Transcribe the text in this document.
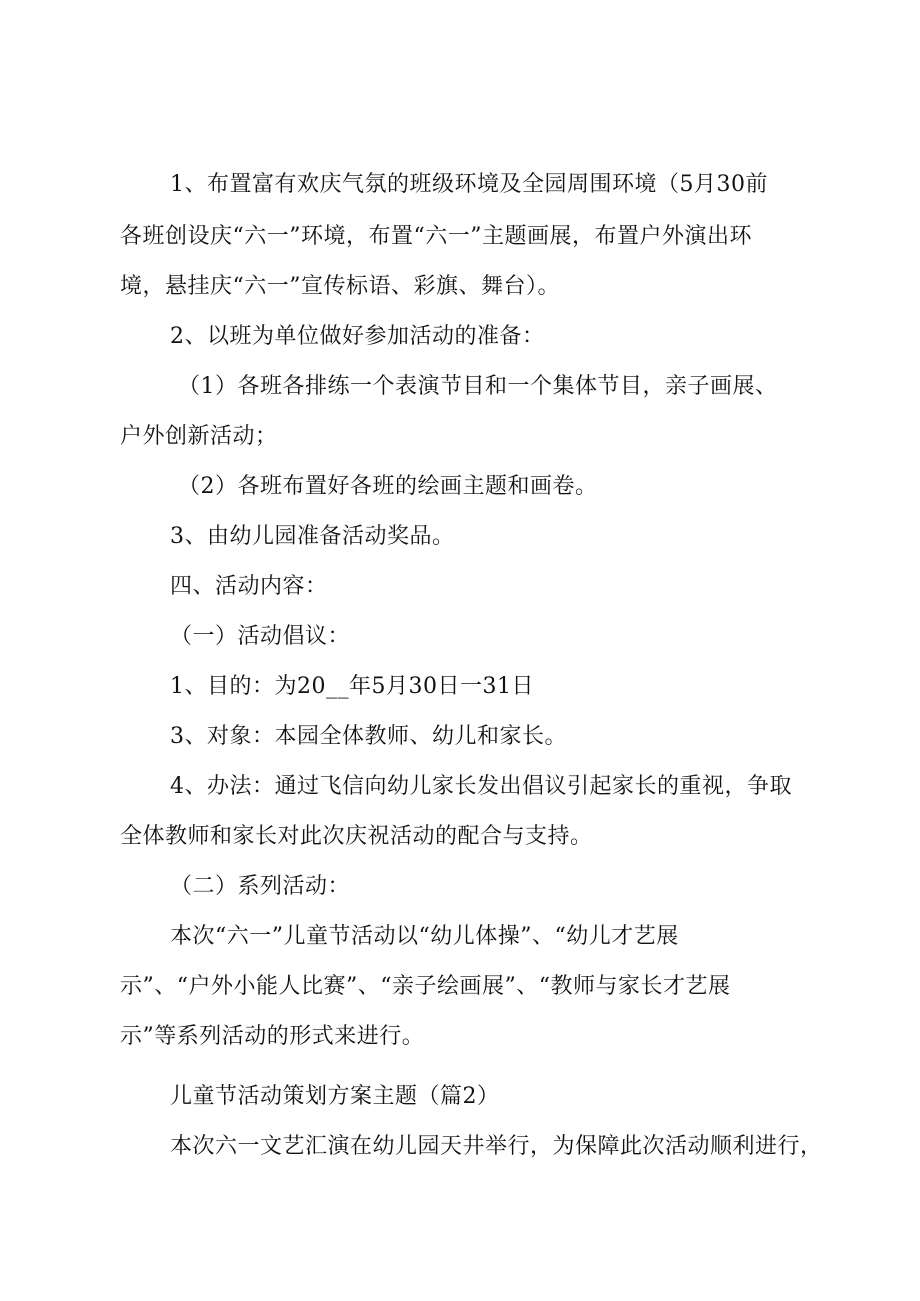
1、布置富有欢庆气氛的班级环境及全园周围环境（5月30前

各班创设庆“六一”环境，布置“六一”主题画展，布置户外演出环

境，悬挂庆“六一”宣传标语、彩旗、舞台）。

2、以班为单位做好参加活动的准备：

（1）各班各排练一个表演节目和一个集体节目，亲子画展、

户外创新活动；

（2）各班布置好各班的绘画主题和画卷。

3、由幼儿园准备活动奖品。

四、活动内容：

（一）活动倡议：

1、目的：为20__年5月30日一31日

3、对象：本园全体教师、幼儿和家长。

4、办法：通过飞信向幼儿家长发出倡议引起家长的重视，争取

全体教师和家长对此次庆祝活动的配合与支持。

（二）系列活动：

本次“六一”儿童节活动以“幼儿体操”、“幼儿才艺展

示”、“户外小能人比赛”、“亲子绘画展”、“教师与家长才艺展

示”等系列活动的形式来进行。

儿童节活动策划方案主题（篇2）

本次六一文艺汇演在幼儿园天井举行，为保障此次活动顺利进行，
